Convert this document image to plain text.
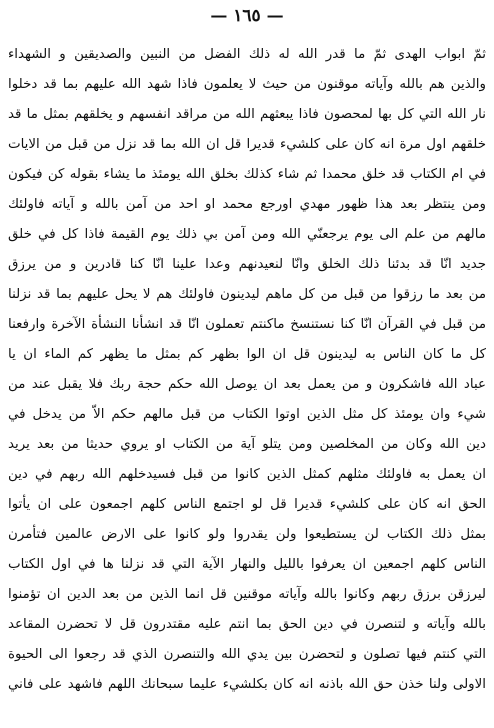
— ١٦٥ —
ثمّ ابواب الهدى ثمّ ما قدر الله له ذلك الفضل من النبين والصديقين و الشهداء
والذين هم بالله وآياته موقنون من حيث لا يعلمون فاذا شهد الله عليهم بما قد دخلوا
نار الله التي كل بها لمحصون فاذا يبعثهم الله من مراقد انفسهم و يخلقهم بمثل ما قد
خلقهم اول مرة انه كان على كلشيء قديرا قل ان الله بما قد نزل من قبل من الايات
في ام الكتاب قد خلق محمدا ثم شاء كذلك بخلق الله يومئذ ما يشاء بقوله كن فيكون
ومن ينتظر بعد هذا ظهور مهدي اورجع محمد او احد من آمن بالله و آياته فاولئك
مالهم من علم الى يوم يرجعنّي الله ومن آمن بي ذلك يوم القيمة فاذا كل في خلق
جديد انّا قد بدئنا ذلك الخلق وانّا لنعيدنهم وعدا علينا انّا كنا قادرين و من يرزق
من بعد ما رزقوا من قبل من كل ماهم ليدينون فاولئك هم لا يحل عليهم بما قد نزلنا
من قبل في القرآن انّا كنا نستنسخ ماكنتم تعملون انّا قد انشأنا النشأة الآخرة وارفعنا
كل ما كان الناس به ليدينون قل ان الوا بظهر كم بمثل ما يظهر كم الماء ان يا
عباد الله فاشكرون و من يعمل بعد ان يوصل الله حكم حجة ربك فلا يقبل عند من
شيء وان يومئذ كل مثل الذين اوتوا الكتاب من قبل مالهم حكم الاّ من يدخل في
دين الله وكان من المخلصين ومن يتلو آية من الكتاب او يروي حديثا من بعد يريد
ان يعمل به فاولئك مثلهم كمثل الذين كانوا من قبل فسيدخلهم الله ربهم في دين
الحق انه كان على كلشيء قديرا قل لو اجتمع الناس كلهم اجمعون على ان يأتوا
بمثل ذلك الكتاب لن يستطيعوا ولن يقدروا ولو كانوا على الارض عالمين فتأمرن
الناس كلهم اجمعين ان يعرفوا بالليل والنهار الآية التي قد نزلنا ها في اول الكتاب
ليرزقن برزق ربهم وكانوا بالله وآياته موقنين قل انما الذين من بعد الدين ان تؤمنوا
بالله وآياته و لتنصرن في دين الحق بما انتم عليه مقتدرون قل لا تحضرن المقاعد
التي كنتم فيها تصلون و لتحضرن بين يدي الله والتنصرن الذي قد رجعوا الى الحيوة
الاولى ولنا خذن حق الله باذنه انه كان بكلشيء عليما سبحانك اللهم فاشهد على فاني
